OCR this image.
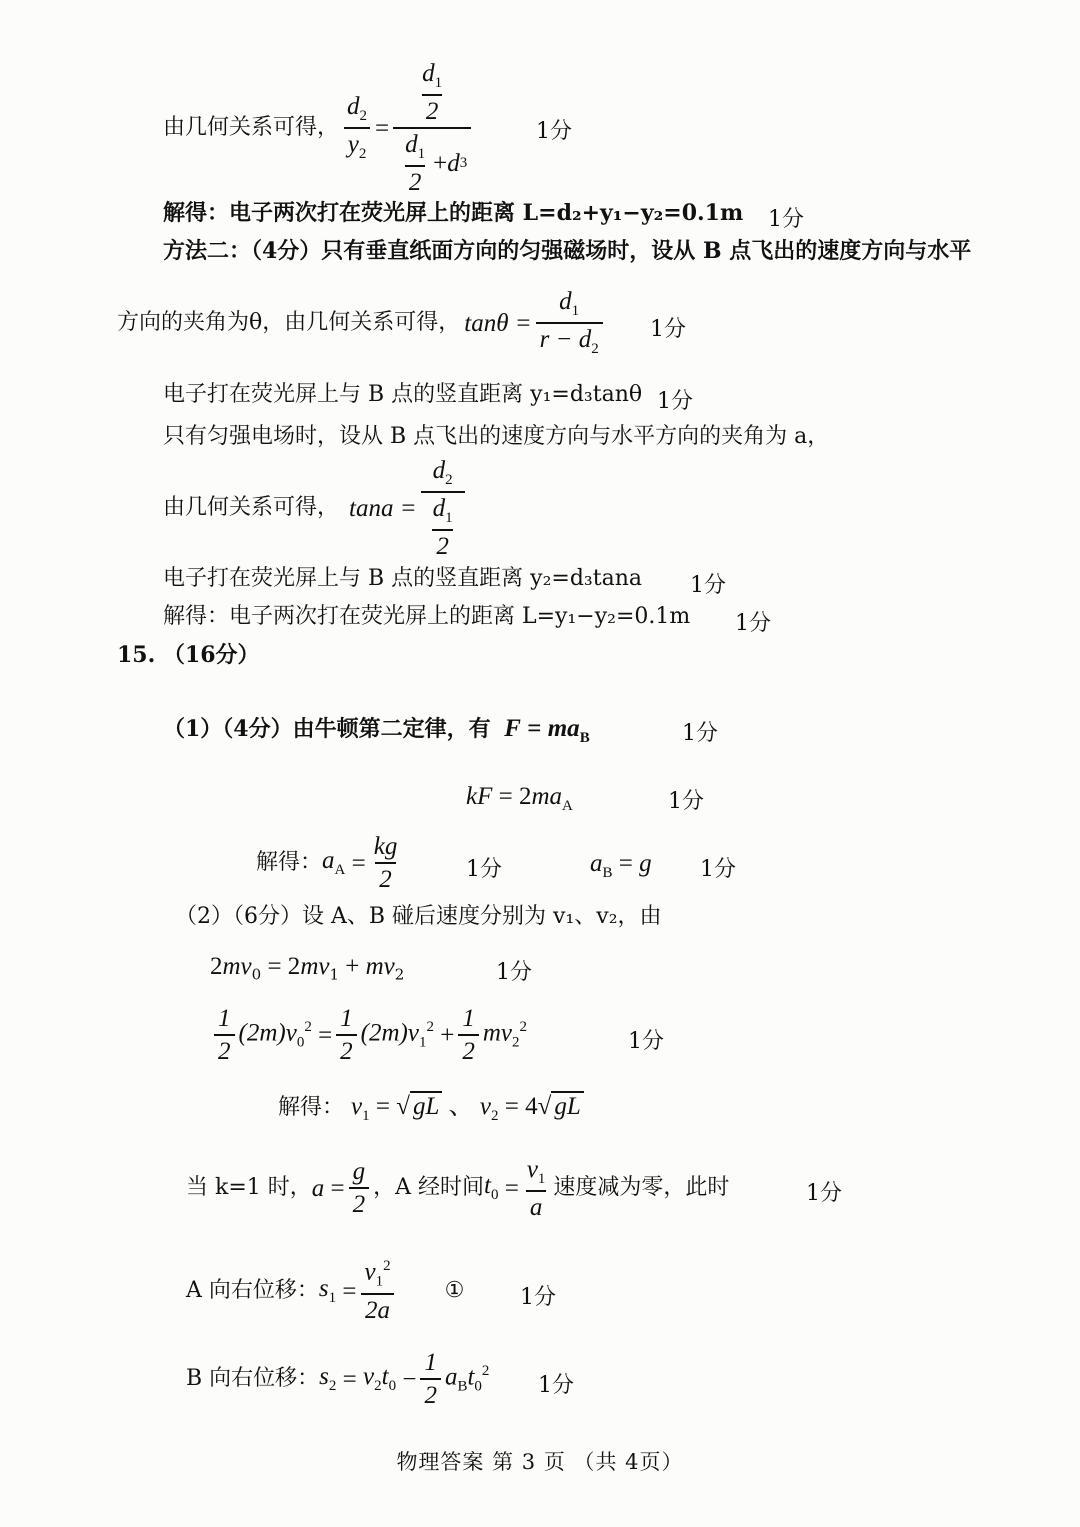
由几何关系可得， $\frac{d_2}{y_2} = \frac{\frac{d_1}{2}}{\frac{d_1}{2} + d 3}$	1分
解得：电子两次打在荧光屏上的距离 L=d₂+y₁−y₂=0.1m 1分
方法二：（4分）只有垂直纸面方向的匀强磁场时，设从 B 点飞出的速度方向与水平
方向的夹角为θ，由几何关系可得， $\tan\theta = \frac{d_1}{r - d_2} 1$分
电子打在荧光屏上与 B 点的竖直距离 y₁=d₃tanθ 1分
只有匀强电场时，设从 B 点飞出的速度方向与水平方向的夹角为 a，
由几何关系可得， $\tan a = \frac{d_2}{\frac{d_1}{2}}$
电子打在荧光屏上与 B 点的竖直距离 y₂=d₃tana 1分
解得：电子两次打在荧光屏上的距离 L=y₁−y₂=0.1m 1分
15. （16分）
（1）（4分）由牛顿第二定律，有 $F = ma_B$	1分
kF = $2ma_A$	1分
解得： $a_A = \frac{kg}{2}$	1分	$a_B = g$ 1分
（2）（6分）设 A、B 碰后速度分别为 v₁、v₂，由
$2mv_0 = 2mv_1 + mv_2$	1分
$\frac{1}{2} (2m)v_0^2 = \frac{1}{2} (2m)v_1^2 + \frac{1}{2} mv_2^2$
1分
解得： $v_1$ = √ gL 、 $v_2 = 4√$ gL
当 k=1 时， $a = \frac{g}{2}$ ，A 经时间 $t_0 = \frac{v_1}{a}$ 速度减为零，此时	1分
A 向右位移： $s_1 = \frac{v_1^2}{2a}$ ①	1分
B 向右位移： $s_2 = v_2t_0 - \frac{1}{2} a_Bt_0^2$
1分
物理答案 第 3 页 （共 4页）
